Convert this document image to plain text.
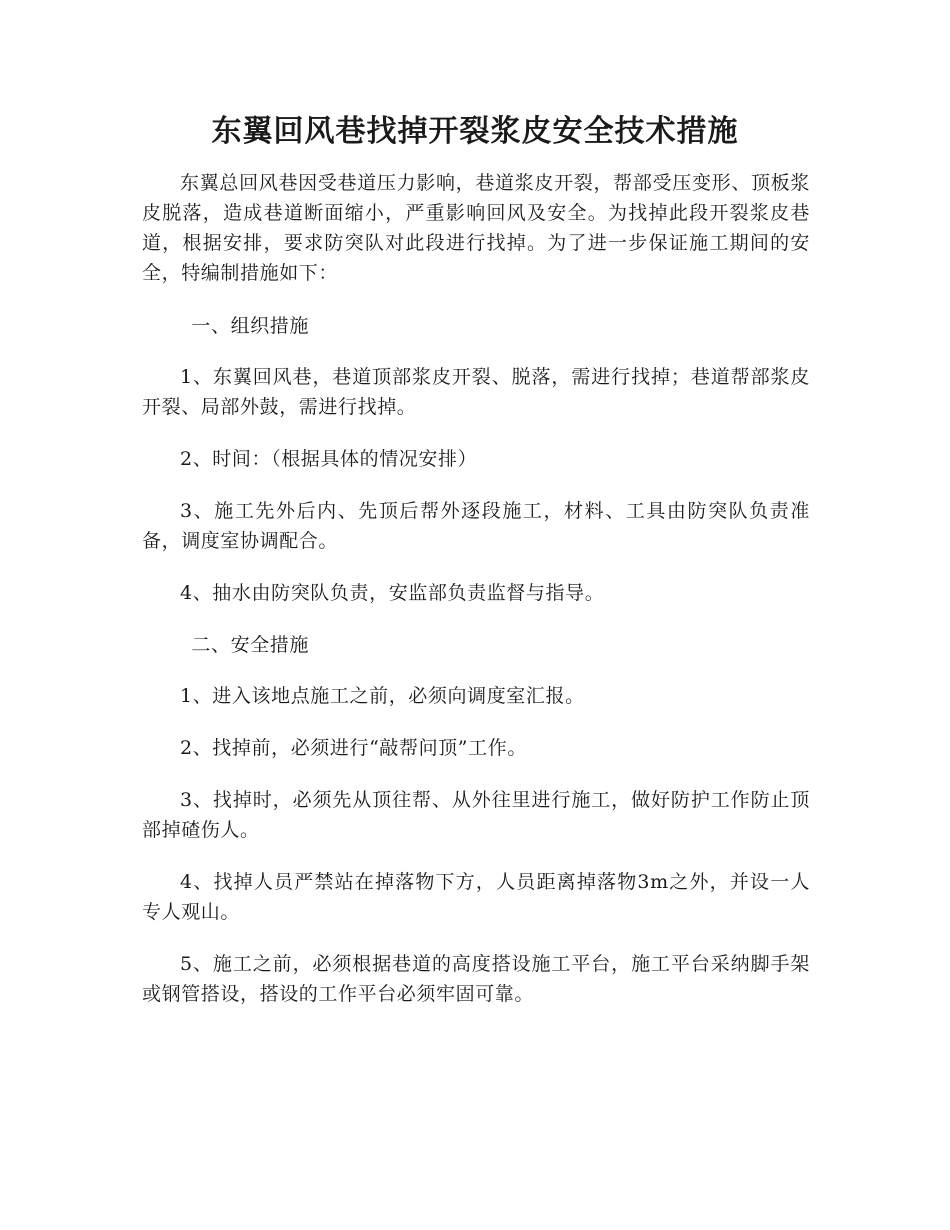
东翼回风巷找掉开裂浆皮安全技术措施

东翼总回风巷因受巷道压力影响，巷道浆皮开裂，帮部受压变形、顶板浆皮脱落，造成巷道断面缩小，严重影响回风及安全。为找掉此段开裂浆皮巷道，根据安排，要求防突队对此段进行找掉。为了进一步保证施工期间的安全，特编制措施如下：

一、组织措施

1、东翼回风巷，巷道顶部浆皮开裂、脱落，需进行找掉；巷道帮部浆皮开裂、局部外鼓，需进行找掉。

2、时间：（根据具体的情况安排）

3、施工先外后内、先顶后帮外逐段施工，材料、工具由防突队负责准备，调度室协调配合。

4、抽水由防突队负责，安监部负责监督与指导。

二、安全措施

1、进入该地点施工之前，必须向调度室汇报。

2、找掉前，必须进行“敲帮问顶”工作。

3、找掉时，必须先从顶往帮、从外往里进行施工，做好防护工作防止顶部掉碴伤人。

4、找掉人员严禁站在掉落物下方，人员距离掉落物3m之外，并设一人专人观山。

5、施工之前，必须根据巷道的高度搭设施工平台，施工平台采纳脚手架或钢管搭设，搭设的工作平台必须牢固可靠。
